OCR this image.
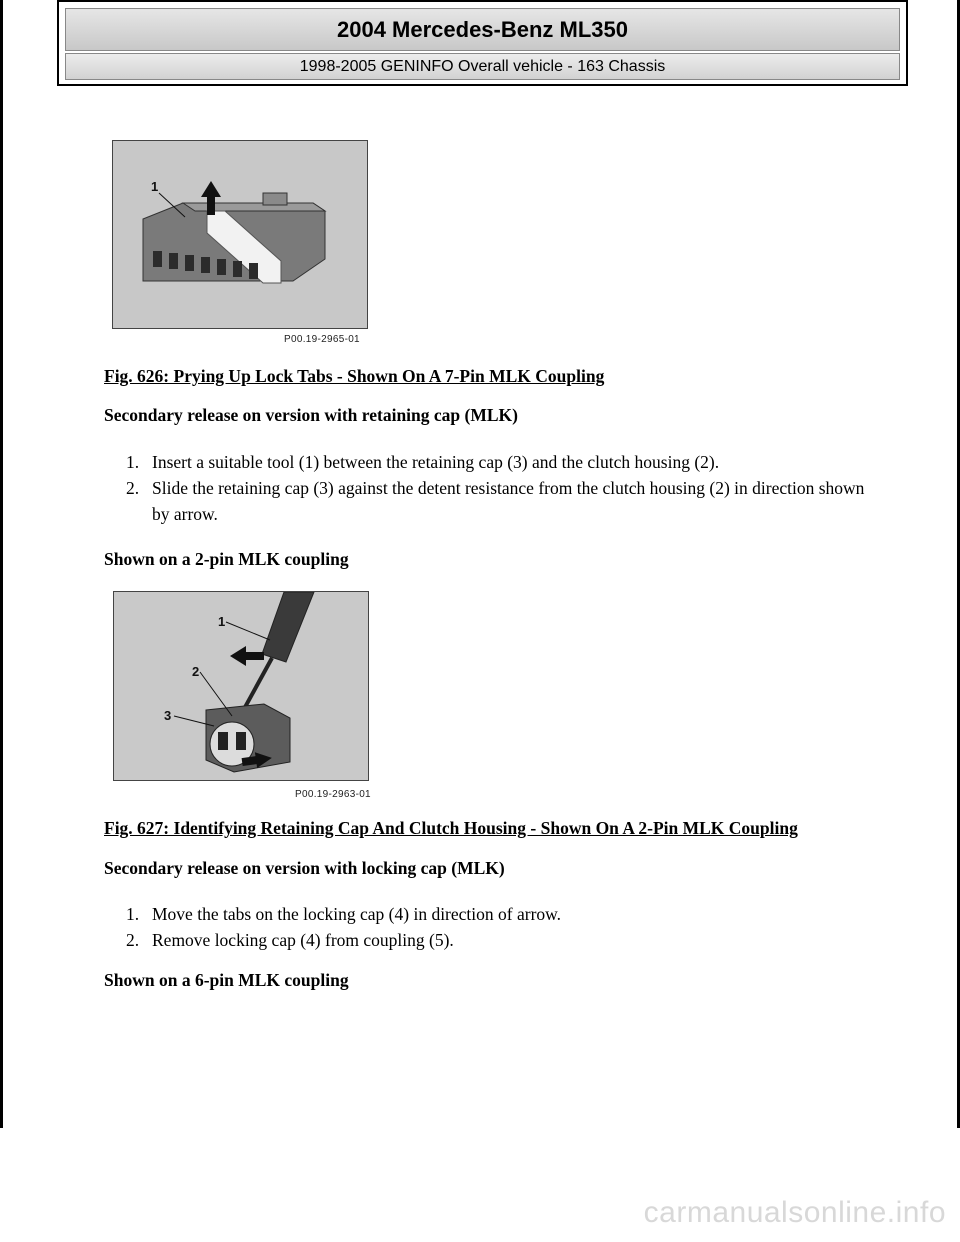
2004 Mercedes-Benz ML350
1998-2005 GENINFO Overall vehicle - 163 Chassis
1
P00.19-2965-01
Fig. 626: Prying Up Lock Tabs - Shown On A 7-Pin MLK Coupling
Secondary release on version with retaining cap (MLK)
1. Insert a suitable tool (1) between the retaining cap (3) and the clutch housing (2).
2. Slide the retaining cap (3) against the detent resistance from the clutch housing (2) in direction shown by arrow.
Shown on a 2-pin MLK coupling
1
2
3
P00.19-2963-01
Fig. 627: Identifying Retaining Cap And Clutch Housing - Shown On A 2-Pin MLK Coupling
Secondary release on version with locking cap (MLK)
1. Move the tabs on the locking cap (4) in direction of arrow.
2. Remove locking cap (4) from coupling (5).
Shown on a 6-pin MLK coupling
carmanualsonline.info
